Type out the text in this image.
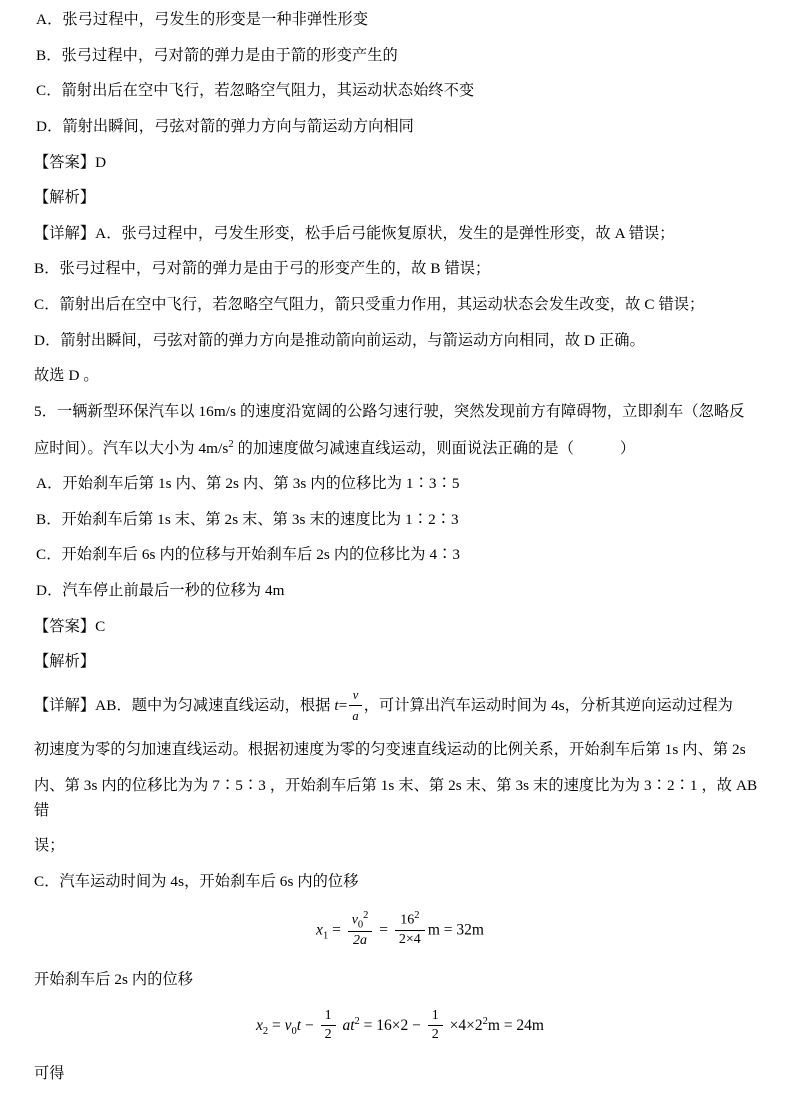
A．张弓过程中，弓发生的形变是一种非弹性形变

B．张弓过程中，弓对箭的弹力是由于箭的形变产生的

C．箭射出后在空中飞行，若忽略空气阻力，其运动状态始终不变

D．箭射出瞬间，弓弦对箭的弹力方向与箭运动方向相同

【答案】D

【解析】

【详解】A．张弓过程中，弓发生形变，松手后弓能恢复原状，发生的是弹性形变，故 A 错误；

B．张弓过程中，弓对箭的弹力是由于弓的形变产生的，故 B 错误；

C．箭射出后在空中飞行，若忽略空气阻力，箭只受重力作用，其运动状态会发生改变，故 C 错误；

D．箭射出瞬间，弓弦对箭的弹力方向是推动箭向前运动，与箭运动方向相同，故 D 正确。

故选 D 。

5．一辆新型环保汽车以 16m/s 的速度沿宽阔的公路匀速行驶，突然发现前方有障碍物，立即刹车（忽略反

应时间）。汽车以大小为 $4m/s^2$ 的加速度做匀减速直线运动，则面说法正确的是（　　　）

A．开始刹车后第 1s 内、第 2s 内、第 3s 内的位移比为 1∶3∶5

B．开始刹车后第 1s 末、第 2s 末、第 3s 末的速度比为 1∶2∶3

C．开始刹车后 6s 内的位移与开始刹车后 2s 内的位移比为 4∶3

D．汽车停止前最后一秒的位移为 4m

【答案】C

【解析】

【详解】AB．题中为匀减速直线运动，根据 $t= \frac{v}{a}$ ，可计算出汽车运动时间为 4s，分析其逆向运动过程为

初速度为零的匀加速直线运动。根据初速度为零的匀变速直线运动的比例关系，开始刹车后第 1s 内、第 2s

内、第 3s 内的位移比为为 7∶5∶3 ，开始刹车后第 1s 末、第 2s 末、第 3s 末的速度比为为 3∶2∶1 ，故 AB 错

误；

C．汽车运动时间为 4s，开始刹车后 6s 内的位移

$x_1 = \frac{v_0^2}{2a} = \frac{16^2}{2\times 4}$ m = 32m

开始刹车后 2s 内的位移

$x_2 = v_0t - \frac{1}{2} at^2 = 16\times 2 - \frac{1}{2} \times 4\times 2^2m = 24m$

可得
